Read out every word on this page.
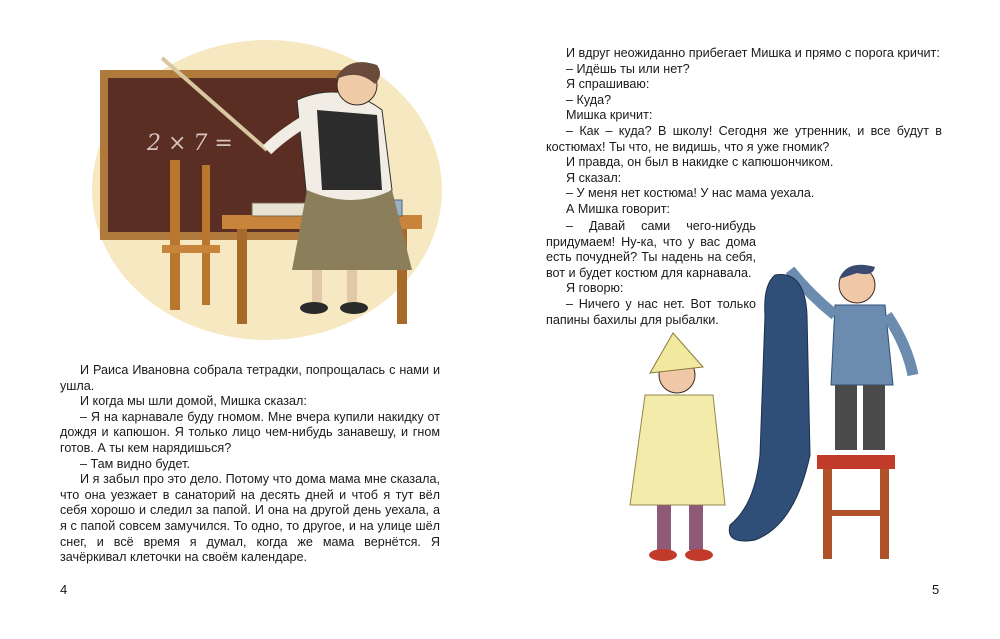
2 × 7 =

И Раиса Ивановна собрала тетрадки, попрощалась с нами и ушла.

И когда мы шли домой, Мишка сказал:

– Я на карнавале буду гномом. Мне вчера купили накидку от дождя и капюшон. Я только лицо чем-нибудь занавешу, и гном готов. А ты кем нарядишься?

– Там видно будет.

И я забыл про это дело. Потому что дома мама мне сказала, что она уезжает в санаторий на десять дней и чтоб я тут вёл себя хорошо и следил за папой. И она на другой день уехала, а я с папой совсем замучился. То одно, то другое, и на улице шёл снег, и всё время я думал, когда же мама вернётся. Я зачёркивал клеточки на своём календаре.

4

И вдруг неожиданно прибегает Мишка и прямо с порога кричит:

– Идёшь ты или нет?

Я спрашиваю:

– Куда?

Мишка кричит:

– Как – куда? В школу! Сегодня же утренник, и все будут в костюмах! Ты что, не видишь, что я уже гномик?

И правда, он был в накидке с капюшончиком.

Я сказал:

– У меня нет костюма! У нас мама уехала.

А Мишка говорит:

– Давай сами чего-нибудь придумаем! Ну-ка, что у вас дома есть почудней? Ты надень на себя, вот и будет костюм для карнавала.

Я говорю:

– Ничего у нас нет. Вот только папины бахилы для рыбалки.

5
